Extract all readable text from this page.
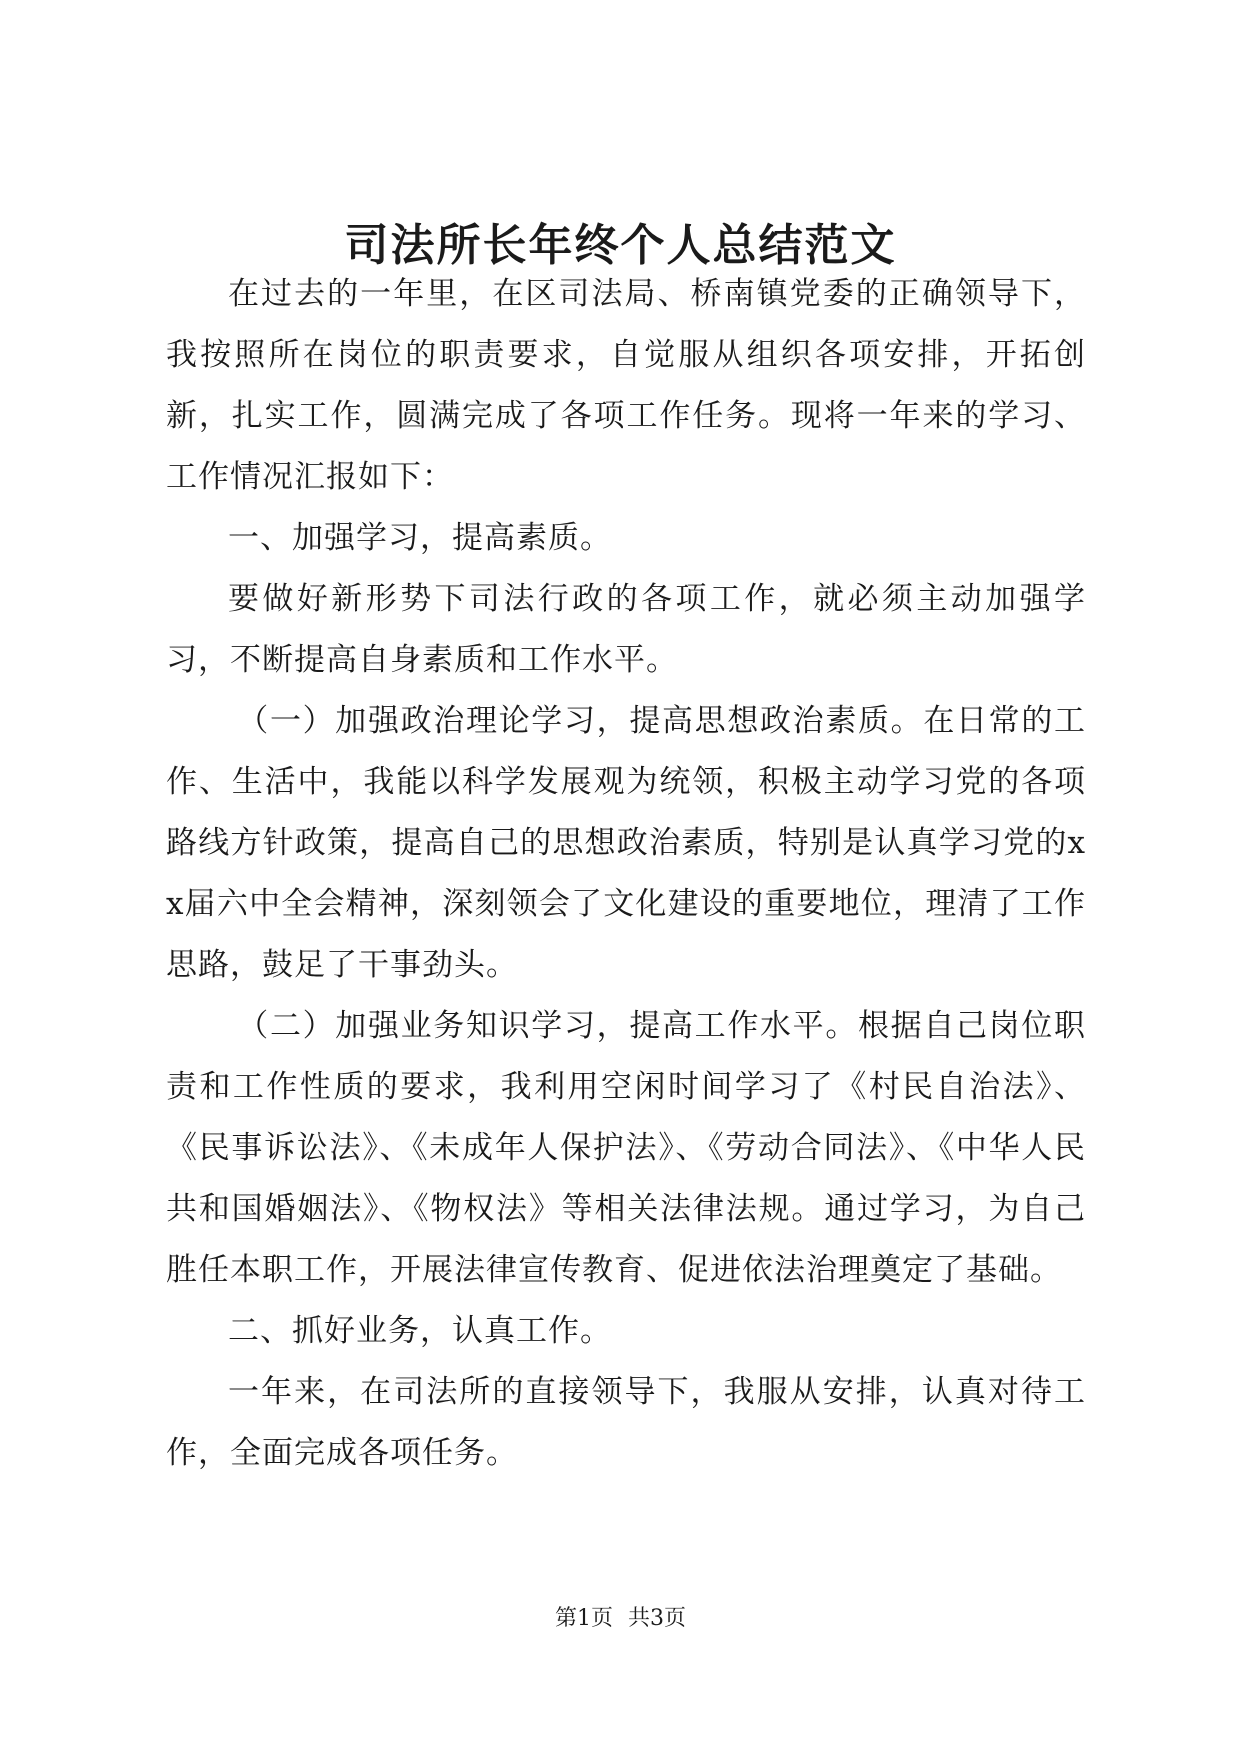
司法所长年终个人总结范文

在过去的一年里，在区司法局、桥南镇党委的正确领导下，我按照所在岗位的职责要求，自觉服从组织各项安排，开拓创新，扎实工作，圆满完成了各项工作任务。现将一年来的学习、工作情况汇报如下：

一、加强学习，提高素质。

要做好新形势下司法行政的各项工作，就必须主动加强学习，不断提高自身素质和工作水平。

（一）加强政治理论学习，提高思想政治素质。在日常的工作、生活中，我能以科学发展观为统领，积极主动学习党的各项路线方针政策，提高自己的思想政治素质，特别是认真学习党的xx届六中全会精神，深刻领会了文化建设的重要地位，理清了工作思路，鼓足了干事劲头。

（二）加强业务知识学习，提高工作水平。根据自己岗位职责和工作性质的要求，我利用空闲时间学习了《村民自治法》、《民事诉讼法》、《未成年人保护法》、《劳动合同法》、《中华人民共和国婚姻法》、《物权法》等相关法律法规。通过学习，为自己胜任本职工作，开展法律宣传教育、促进依法治理奠定了基础。

二、抓好业务，认真工作。

一年来，在司法所的直接领导下，我服从安排，认真对待工作，全面完成各项任务。

第1页 共3页
